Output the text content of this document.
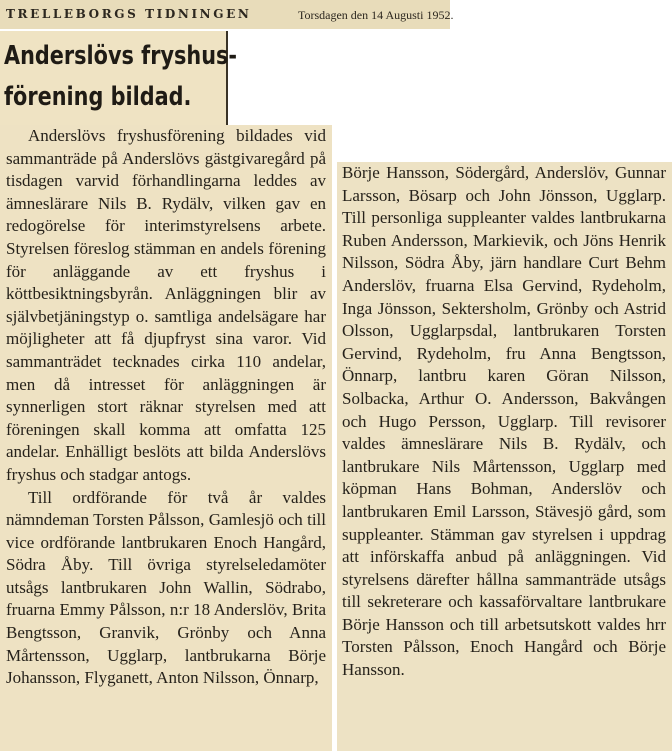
TRELLEBORGS TIDNINGEN	Torsdagen den 14 Augusti 1952.
Anderslövs fryshus-
förening bildad.

Anderslövs fryshusförening bildades vid sammanträde på Anderslövs gästgivaregård på tisdagen varvid förhandlingarna leddes av ämneslärare Nils B. Rydälv, vilken gav en redogörelse för interimstyrelsens arbete. Styrelsen föreslog stämman en andels förening för anläggande av ett fryshus i köttbesiktningsbyrån. Anläggningen blir av självbetjäningstyp o. samtliga andelsägare har möjligheter att få djupfryst sina varor. Vid sammanträdet tecknades cirka 110 andelar, men då intresset för anläggningen är synnerligen stort räknar styrelsen med att föreningen skall komma att omfatta 125 andelar. Enhälligt beslöts att bilda Anderslövs fryshus och stadgar antogs.

Till ordförande för två år valdes nämndeman Torsten Pålsson, Gamlesjö och till vice ordförande lantbrukaren Enoch Hangård, Södra Åby. Till övriga styrelseledamöter utsågs lantbrukaren John Wallin, Södrabo, fruarna Emmy Pålsson, n:r 18 Anderslöv, Brita Bengtsson, Granvik, Grönby och Anna Mårtensson, Ugglarp, lantbrukarna Börje Johansson, Flyganett, Anton Nilsson, Önnarp,

Börje Hansson, Södergård, Anderslöv, Gunnar Larsson, Bösarp och John Jönsson, Ugglarp. Till personliga suppleanter valdes lantbrukarna Ruben Andersson, Markievik, och Jöns Henrik Nilsson, Södra Åby, järn handlare Curt Behm Anderslöv, fruarna Elsa Gervind, Rydeholm, Inga Jönsson, Sektersholm, Grönby och Astrid Olsson, Ugglarpsdal, lantbrukaren Torsten Gervind, Rydeholm, fru Anna Bengtsson, Önnarp, lantbru karen Göran Nilsson, Solbacka, Arthur O. Andersson, Bakvången och Hugo Persson, Ugglarp. Till revisorer valdes ämneslärare Nils B. Rydälv, och lantbrukare Nils Mårtensson, Ugglarp med köpman Hans Bohman, Anderslöv och lantbrukaren Emil Larsson, Stävesjö gård, som suppleanter. Stämman gav styrelsen i uppdrag att införskaffa anbud på anläggningen. Vid styrelsens därefter hållna sammanträde utsågs till sekreterare och kassaförvaltare lantbrukare Börje Hansson och till arbetsutskott valdes hrr Torsten Pålsson, Enoch Hangård och Börje Hansson.
